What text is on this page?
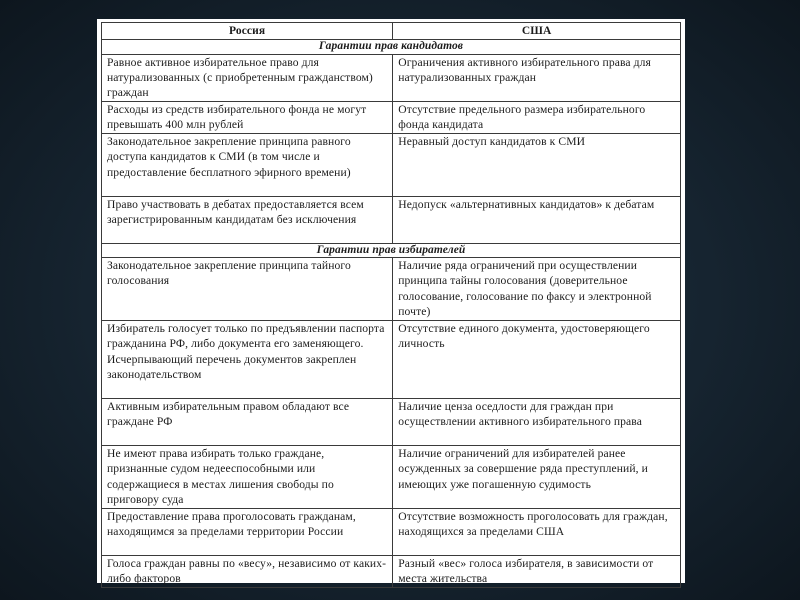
Россия	США
Гарантии прав кандидатов	
Равное активное избирательное право для натурализованных (с приобретенным гражданством) граждан	Ограничения активного избирательного права для натурализованных граждан
Расходы из средств избирательного фонда не могут превышать 400 млн рублей	Отсутствие предельного размера избирательного фонда кандидата
Законодательное закрепление принципа равного доступа кандидатов к СМИ (в том числе и предоставление бесплатного эфирного времени)	Неравный доступ кандидатов к СМИ
Право участвовать в дебатах предоставляется всем зарегистрированным кандидатам без исключения	Недопуск «альтернативных кандидатов» к дебатам
Гарантии прав избирателей	
Законодательное закрепление принципа тайного голосования	Наличие ряда ограничений при осуществлении принципа тайны голосования (доверительное голосование, голосование по факсу и электронной почте)
Избиратель голосует только по предъявлении паспорта гражданина РФ, либо документа его заменяющего. Исчерпывающий перечень документов закреплен законодательством	Отсутствие единого документа, удостоверяющего личность
Активным избирательным правом обладают все граждане РФ	Наличие ценза оседлости для граждан при осуществлении активного избирательного права
Не имеют права избирать только граждане, признанные судом недееспособными или содержащиеся в местах лишения свободы по приговору суда	Наличие ограничений для избирателей ранее осужденных за совершение ряда преступлений, и имеющих уже погашенную судимость
Предоставление права проголосовать гражданам, находящимся за пределами территории России	Отсутствие возможность проголосовать для граждан, находящихся за пределами США
Голоса граждан равны по «весу», независимо от каких-либо факторов	Разный «вес» голоса избирателя, в зависимости от места жительства
